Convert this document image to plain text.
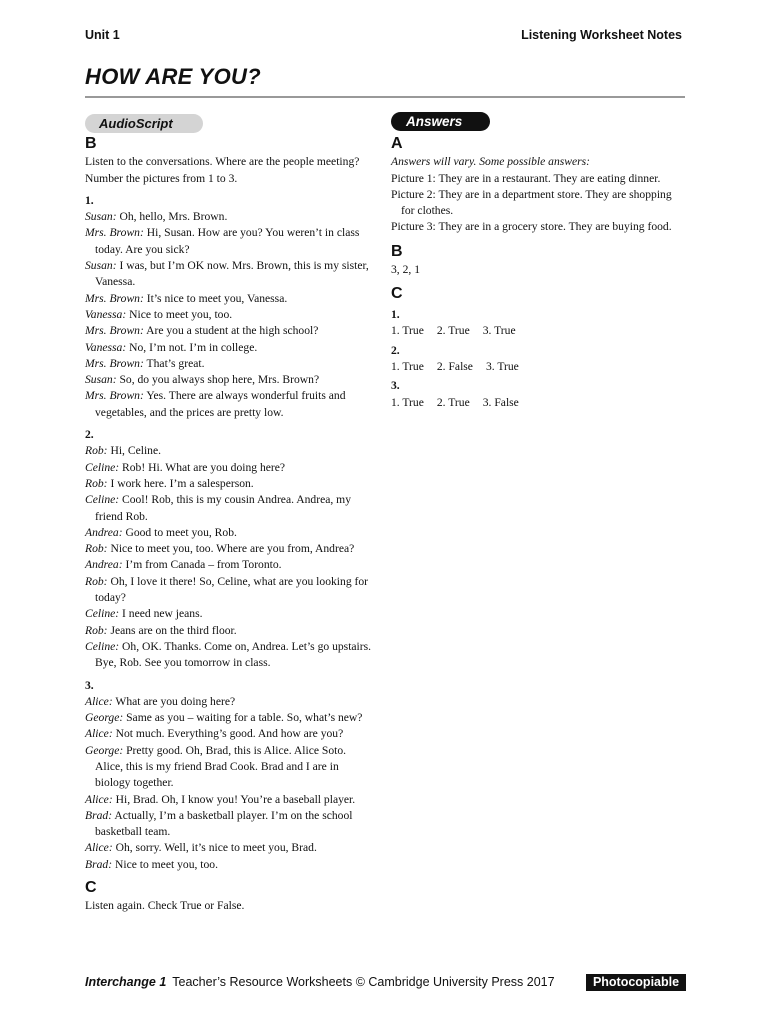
Unit 1	Listening Worksheet Notes
HOW ARE YOU?
AudioScript
B

Listen to the conversations. Where are the people meeting? Number the pictures from 1 to 3.

1.
Susan: Oh, hello, Mrs. Brown.
Mrs. Brown: Hi, Susan. How are you? You weren’t in class today. Are you sick?
Susan: I was, but I’m OK now. Mrs. Brown, this is my sister, Vanessa.
Mrs. Brown: It’s nice to meet you, Vanessa.
Vanessa: Nice to meet you, too.
Mrs. Brown: Are you a student at the high school?
Vanessa: No, I’m not. I’m in college.
Mrs. Brown: That’s great.
Susan: So, do you always shop here, Mrs. Brown?
Mrs. Brown: Yes. There are always wonderful fruits and vegetables, and the prices are pretty low.
2.
Rob: Hi, Celine.
Celine: Rob! Hi. What are you doing here?
Rob: I work here. I’m a salesperson.
Celine: Cool! Rob, this is my cousin Andrea. Andrea, my friend Rob.
Andrea: Good to meet you, Rob.
Rob: Nice to meet you, too. Where are you from, Andrea?
Andrea: I’m from Canada – from Toronto.
Rob: Oh, I love it there! So, Celine, what are you looking for today?
Celine: I need new jeans.
Rob: Jeans are on the third floor.
Celine: Oh, OK. Thanks. Come on, Andrea. Let’s go upstairs. Bye, Rob. See you tomorrow in class.
3.
Alice: What are you doing here?
George: Same as you – waiting for a table. So, what’s new?
Alice: Not much. Everything’s good. And how are you?
George: Pretty good. Oh, Brad, this is Alice. Alice Soto. Alice, this is my friend Brad Cook. Brad and I are in biology together.
Alice: Hi, Brad. Oh, I know you! You’re a baseball player.
Brad: Actually, I’m a basketball player. I’m on the school basketball team.
Alice: Oh, sorry. Well, it’s nice to meet you, Brad.
Brad: Nice to meet you, too.
C

Listen again. Check True or False.

Answers
A
Answers will vary. Some possible answers:
Picture 1: They are in a restaurant. They are eating dinner.
Picture 2: They are in a department store. They are shopping for clothes.
Picture 3: They are in a grocery store. They are buying food.
B
3, 2, 1
C
1.
1. True 2. True 3. True
2.
1. True 2. False 3. True
3.
1. True 2. True 3. False
Interchange 1 Teacher’s Resource Worksheets © Cambridge University Press 2017	Photocopiable
